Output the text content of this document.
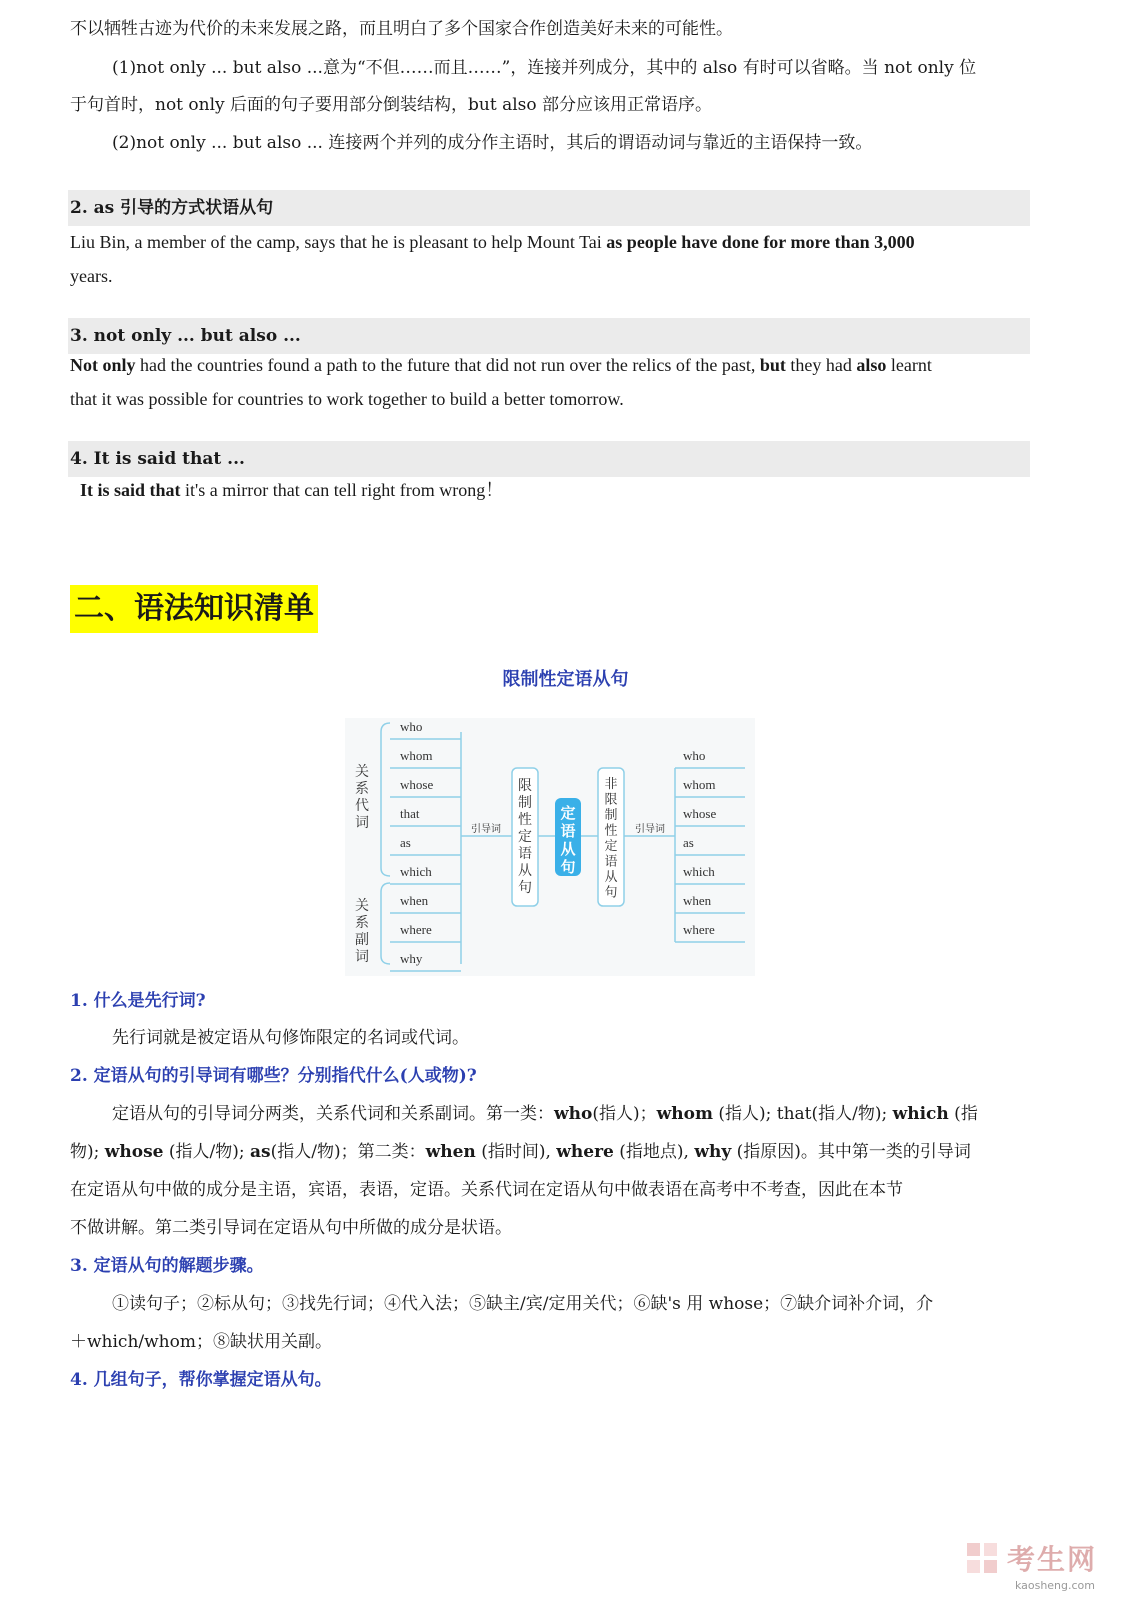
不以牺牲古迹为代价的未来发展之路，而且明白了多个国家合作创造美好未来的可能性。
(1)not only ... but also ...意为“不但……而且……”，连接并列成分，其中的 also 有时可以省略。当 not only 位
于句首时，not only 后面的句子要用部分倒装结构，but also 部分应该用正常语序。
(2)not only ... but also ... 连接两个并列的成分作主语时，其后的谓语动词与靠近的主语保持一致。
2. as 引导的方式状语从句
Liu Bin, a member of the camp, says that he is pleasant to help Mount Tai as people have done for more than 3,000
years.
3. not only ... but also ...
Not only had the countries found a path to the future that did not run over the relics of the past, but they had also learnt
that it was possible for countries to work together to build a better tomorrow.
4. It is said that ...
It is said that it's a mirror that can tell right from wrong！
二、语法知识清单
限制性定语从句
who
whom
whose
that
as
which
when
where
why
关
系
代
词
关
系
副
词
引导词
限
制
性
定
语
从
句
定
语
从
句
非
限
制
性
定
语
从
句
引导词
who
whom
whose
as
which
when
where
1. 什么是先行词?
先行词就是被定语从句修饰限定的名词或代词。
2. 定语从句的引导词有哪些？分别指代什么(人或物)?
定语从句的引导词分两类，关系代词和关系副词。第一类：who(指人)；whom (指人); that(指人/物); which (指
物); whose (指人/物); as(指人/物)；第二类：when (指时间), where (指地点), why (指原因)。其中第一类的引导词
在定语从句中做的成分是主语，宾语，表语，定语。关系代词在定语从句中做表语在高考中不考查，因此在本节
不做讲解。第二类引导词在定语从句中所做的成分是状语。
3. 定语从句的解题步骤。
①读句子；②标从句；③找先行词；④代入法；⑤缺主/宾/定用关代；⑥缺's 用 whose；⑦缺介词补介词，介
＋which/whom；⑧缺状用关副。
4. 几组句子，帮你掌握定语从句。
考生网
kaosheng.com
